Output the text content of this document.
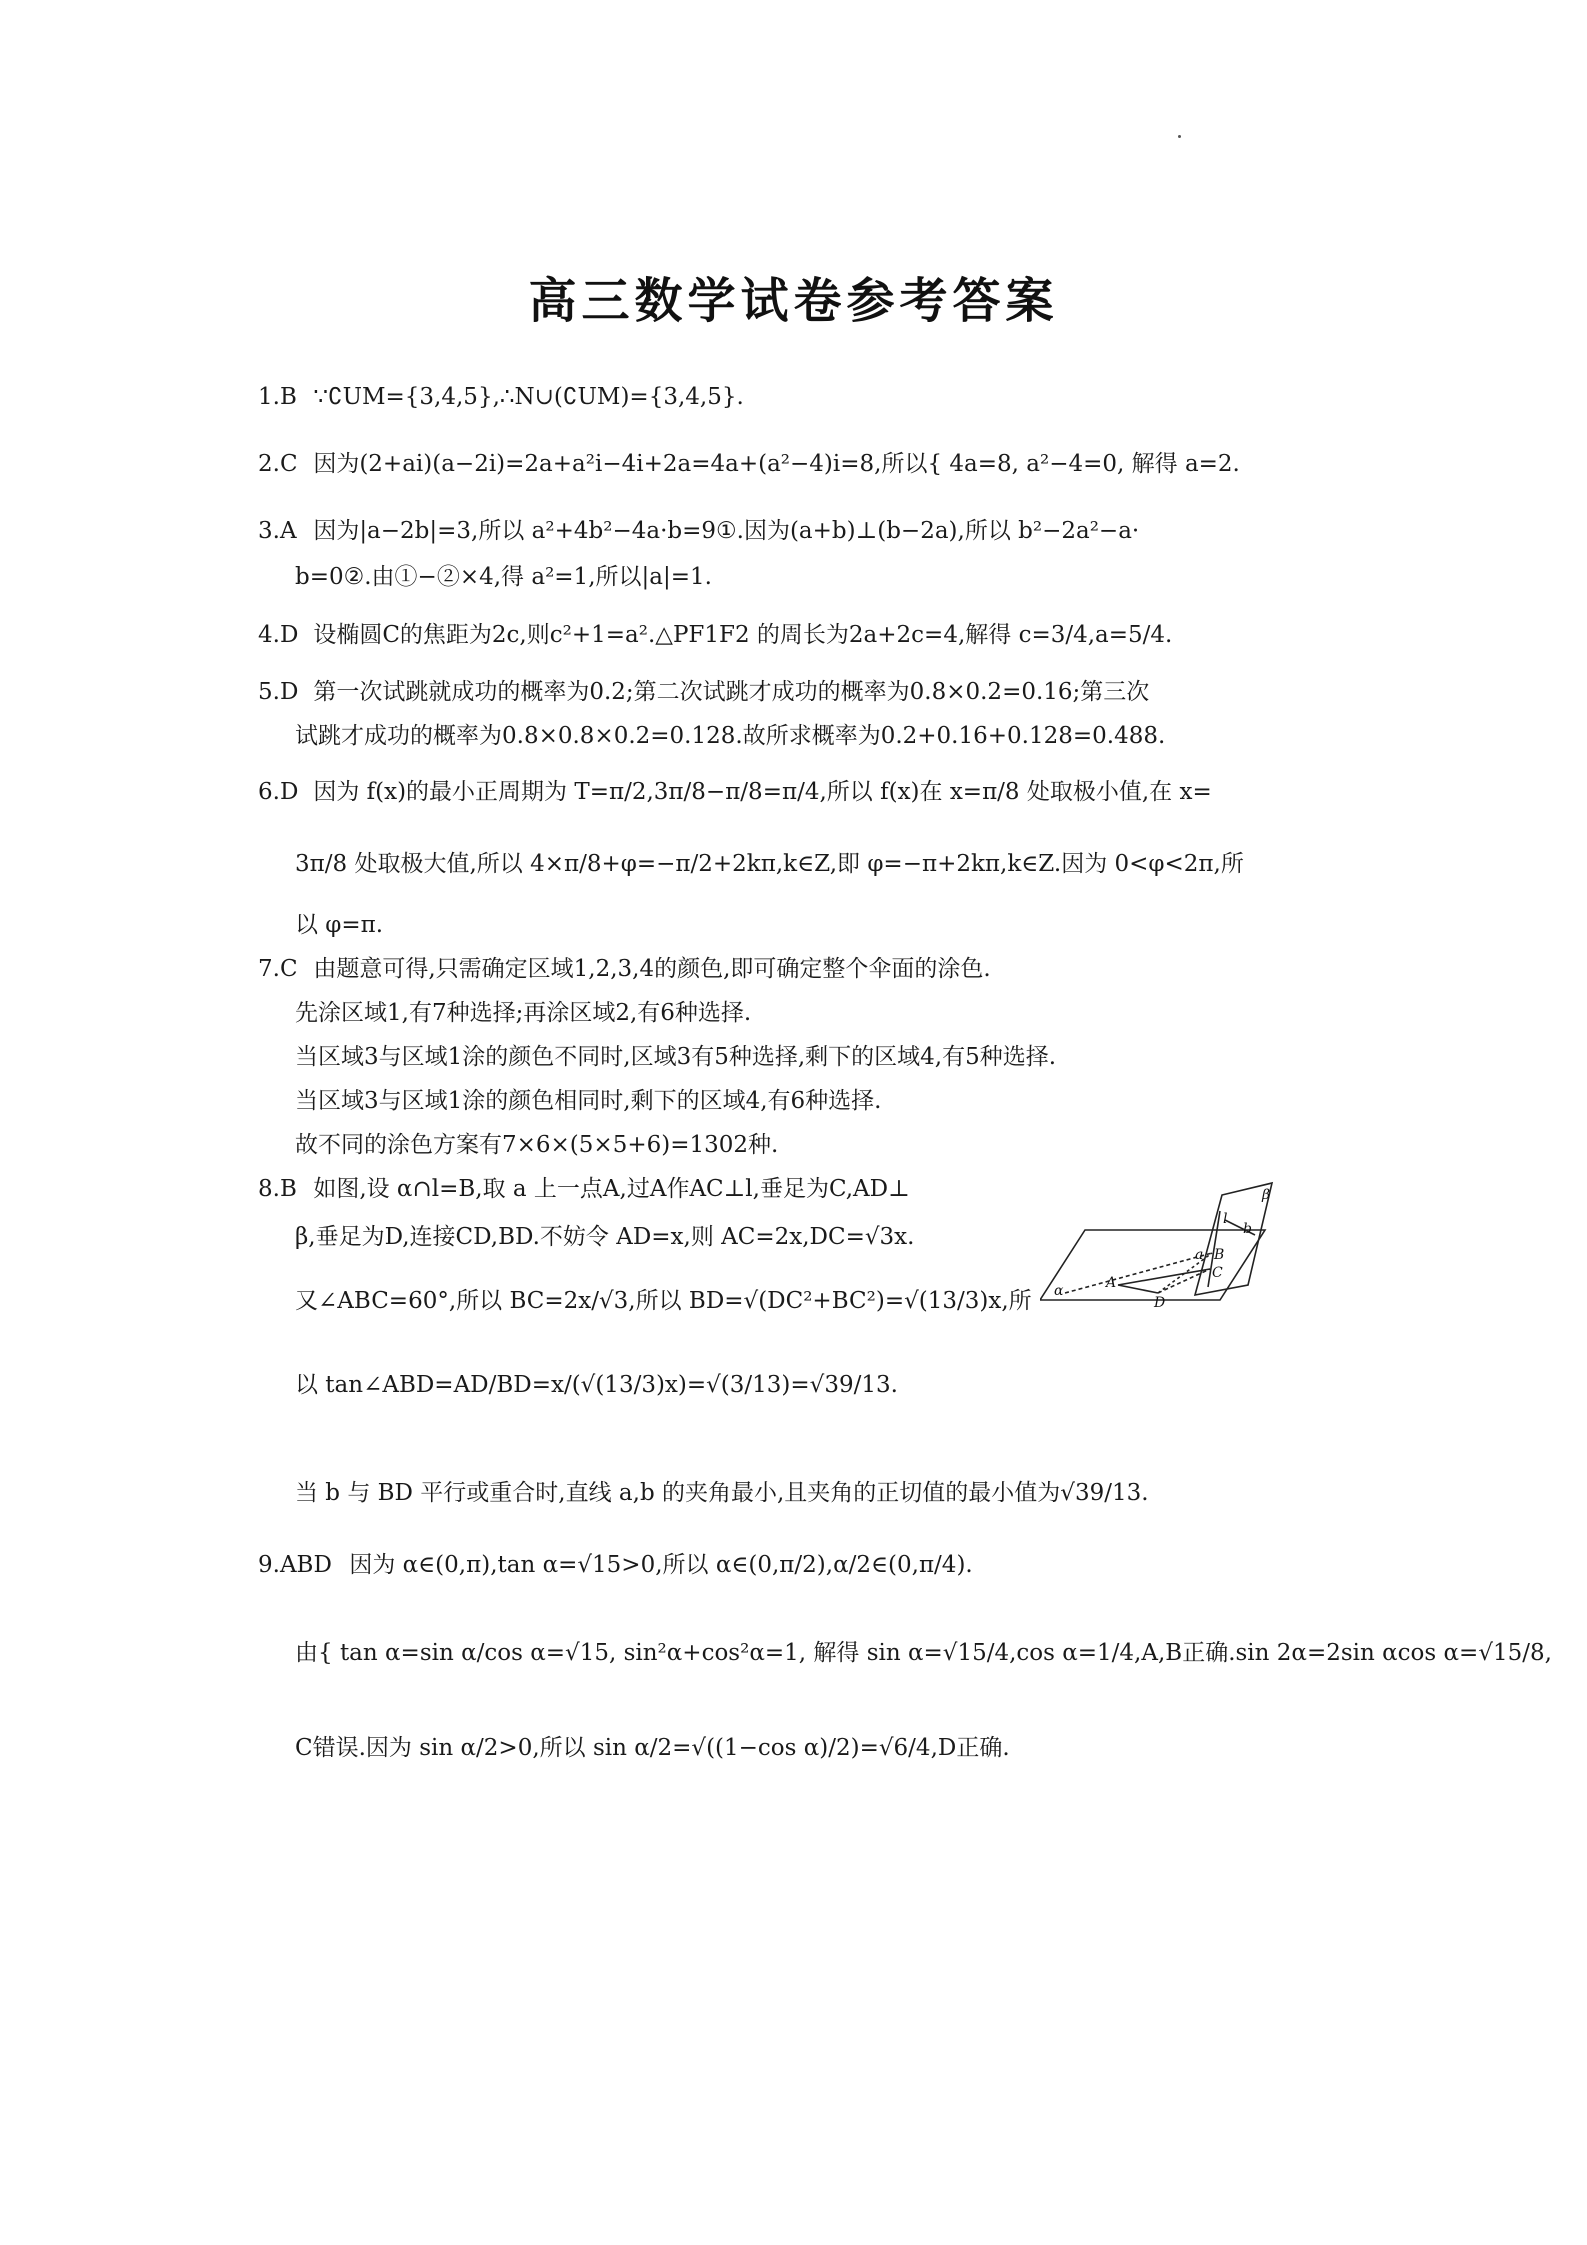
高三数学试卷参考答案
1.B ∵∁UM={3,4,5},∴N∪(∁UM)={3,4,5}.
2.C 因为(2+ai)(a−2i)=2a+a²i−4i+2a=4a+(a²−4)i=8,所以{ 4a=8, a²−4=0, 解得 a=2.
3.A 因为|a−2b|=3,所以 a²+4b²−4a·b=9①.因为(a+b)⊥(b−2a),所以 b²−2a²−a·
b=0②.由①−②×4,得 a²=1,所以|a|=1.
4.D 设椭圆C的焦距为2c,则c²+1=a².△PF1F2 的周长为2a+2c=4,解得 c=3/4,a=5/4.
5.D 第一次试跳就成功的概率为0.2;第二次试跳才成功的概率为0.8×0.2=0.16;第三次
试跳才成功的概率为0.8×0.8×0.2=0.128.故所求概率为0.2+0.16+0.128=0.488.
6.D 因为 f(x)的最小正周期为 T=π/2,3π/8−π/8=π/4,所以 f(x)在 x=π/8 处取极小值,在 x=
3π/8 处取极大值,所以 4×π/8+φ=−π/2+2kπ,k∈Z,即 φ=−π+2kπ,k∈Z.因为 0<φ<2π,所
以 φ=π.
7.C 由题意可得,只需确定区域1,2,3,4的颜色,即可确定整个伞面的涂色.
先涂区域1,有7种选择;再涂区域2,有6种选择.
当区域3与区域1涂的颜色不同时,区域3有5种选择,剩下的区域4,有5种选择.
当区域3与区域1涂的颜色相同时,剩下的区域4,有6种选择.
故不同的涂色方案有7×6×(5×5+6)=1302种.
8.B 如图,设 α∩l=B,取 a 上一点A,过A作AC⊥l,垂足为C,AD⊥
β,垂足为D,连接CD,BD.不妨令 AD=x,则 AC=2x,DC=√3x.
又∠ABC=60°,所以 BC=2x/√3,所以 BD=√(DC²+BC²)=√(13/3)x,所
以 tan∠ABD=AD/BD=x/(√(13/3)x)=√(3/13)=√39/13.
当 b 与 BD 平行或重合时,直线 a,b 的夹角最小,且夹角的正切值的最小值为√39/13.
β
α
l
a
b
A
B
C
D
9.ABD 因为 α∈(0,π),tan α=√15>0,所以 α∈(0,π/2),α/2∈(0,π/4).
由{ tan α=sin α/cos α=√15, sin²α+cos²α=1, 解得 sin α=√15/4,cos α=1/4,A,B正确.sin 2α=2sin αcos α=√15/8,
C错误.因为 sin α/2>0,所以 sin α/2=√((1−cos α)/2)=√6/4,D正确.
